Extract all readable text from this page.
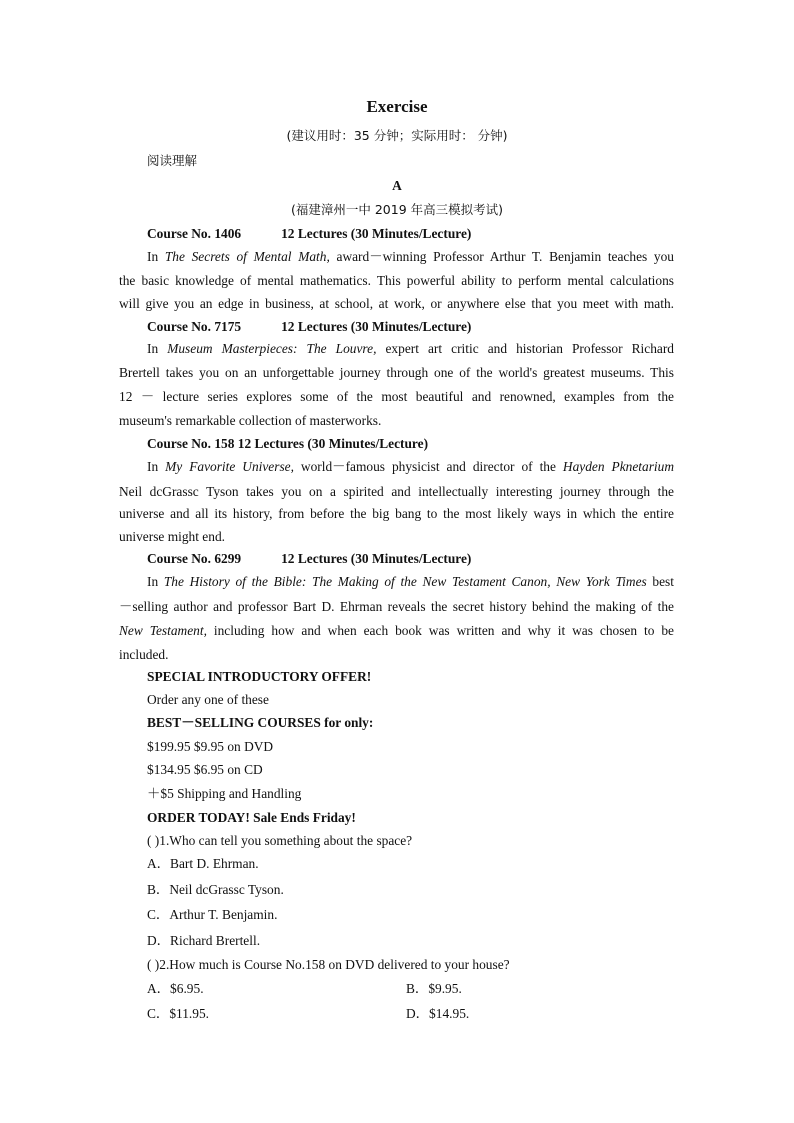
Exercise
(建议用时：35 分钟；实际用时： 分钟)
阅读理解
A
(福建漳州一中 2019 年高三模拟考试)
Course No. 1406	12 Lectures (30 Minutes/Lecture)
In The Secrets of Mental Math, award－winning Professor Arthur T. Benjamin teaches you
the basic knowledge of mental mathematics. This powerful ability to perform mental calculations
will give you an edge in business, at school, at work, or anywhere else that you meet with math.
Course No. 7175	12 Lectures (30 Minutes/Lecture)
In Museum Masterpieces: The Louvre, expert art critic and historian Professor Richard
Brertell takes you on an unforgettable journey through one of the world's greatest museums. This
12 － lecture series explores some of the most beautiful and renowned, examples from the
museum's remarkable collection of masterworks.
Course No. 158 12 Lectures (30 Minutes/Lecture)
In My Favorite Universe, world－famous physicist and director of the Hayden Pknetarium
Neil dcGrassc Tyson takes you on a spirited and intellectually interesting journey through the
universe and all its history, from before the big bang to the most likely ways in which the entire
universe might end.
Course No. 6299	12 Lectures (30 Minutes/Lecture)
In The History of the Bible: The Making of the New Testament Canon, New York Times best
－selling author and professor Bart D. Ehrman reveals the secret history behind the making of the
New Testament, including how and when each book was written and why it was chosen to be
included.
SPECIAL INTRODUCTORY OFFER!
Order any one of these
BEST－SELLING COURSES for only:
$199.95 $9.95 on DVD
$134.95 $6.95 on CD
＋$5 Shipping and Handling
ORDER TODAY! Sale Ends Friday!
( )1.Who can tell you something about the space?
A．Bart D. Ehrman.
B．Neil dcGrassc Tyson.
C．Arthur T. Benjamin.
D．Richard Brertell.
( )2.How much is Course No.158 on DVD delivered to your house?
A．$6.95.	B．$9.95.
C．$11.95.	D．$14.95.
